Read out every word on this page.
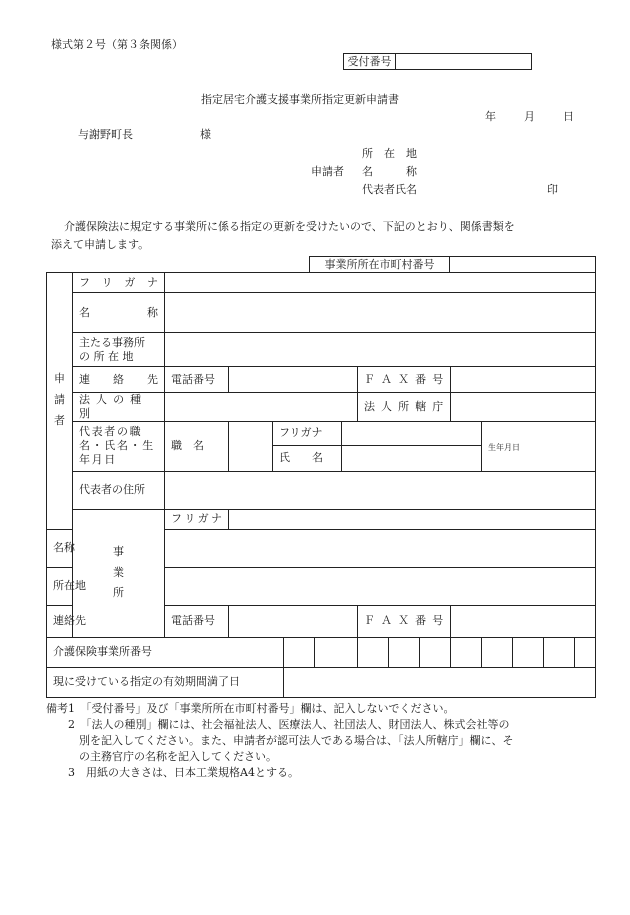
様式第２号（第３条関係）
受付番号
指定居宅介護支援事業所指定更新申請書
年	月	日
与謝野町長	様
所　在　地
申請者 名　　　称
代表者氏名	印
介護保険法に規定する事業所に係る指定の更新を受けたいので、下記のとおり、関係書類を
添えて申請します。
事業所所在市町村番号
申
請
者	フ リ ガ ナ														

	名 称														

	主たる事務所
の 所 在 地														

	連 絡 先	電話番号						ＦＡＸ番号							
	法人の種別							法人所轄庁							

	代表者の職
名・氏名・生
年月日	職　名		フリガナ								生年月日			
				氏　　名											
	代表者の住所														
	事
業
所	フ リ ガ ナ													

名 称															

所 在 地															

連 絡 先		電話番号						ＦＡＸ番号							
介護保険事業所番号															
現に受けている指定の有効期間満了日															
備考1　「受付番号」及び「事業所所在市町村番号」欄は、記入しないでください。
　　2　「法人の種別」欄には、社会福祉法人、医療法人、社団法人、財団法人、株式会社等の
　　　別を記入してください。また、申請者が認可法人である場合は、「法人所轄庁」欄に、そ
　　　の主務官庁の名称を記入してください。
　　3　用紙の大きさは、日本工業規格A4とする。
